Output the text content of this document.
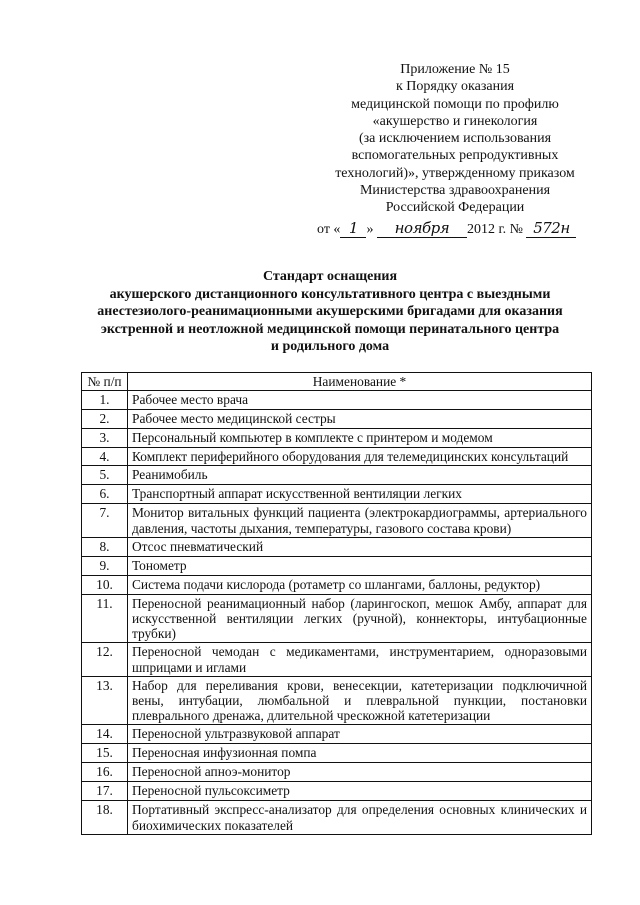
Приложение № 15
к Порядку оказания
медицинской помощи по профилю
«акушерство и гинекология
(за исключением использования
вспомогательных репродуктивных
технологий)», утвержденному приказом
Министерства здравоохранения
Российской Федерации
от « 1 » ноября 2012 г. № 572н
Стандарт оснащения
акушерского дистанционного консультативного центра с выездными
анестезиолого-реанимационными акушерскими бригадами для оказания
экстренной и неотложной медицинской помощи перинатального центра
и родильного дома
№ п/п	Наименование *
1.	Рабочее место врача
2.	Рабочее место медицинской сестры
3.	Персональный компьютер в комплекте с принтером и модемом
4.	Комплект периферийного оборудования для телемедицинских консультаций
5.	Реанимобиль
6.	Транспортный аппарат искусственной вентиляции легких
7.	Монитор витальных функций пациента (электрокардиограммы, артериального давления, частоты дыхания, температуры, газового состава крови)
8.	Отсос пневматический
9.	Тонометр
10.	Система подачи кислорода (ротаметр со шлангами, баллоны, редуктор)
11.	Переносной реанимационный набор (ларингоскоп, мешок Амбу, аппарат для искусственной вентиляции легких (ручной), коннекторы, интубационные трубки)
12.	Переносной чемодан с медикаментами, инструментарием, одноразовыми шприцами и иглами
13.	Набор для переливания крови, венесекции, катетеризации подключичной вены, интубации, люмбальной и плевральной пункции, постановки плеврального дренажа, длительной чрескожной катетеризации
14.	Переносной ультразвуковой аппарат
15.	Переносная инфузионная помпа
16.	Переносной апноэ-монитор
17.	Переносной пульсоксиметр
18.	Портативный экспресс-анализатор для определения основных клинических и биохимических показателей
